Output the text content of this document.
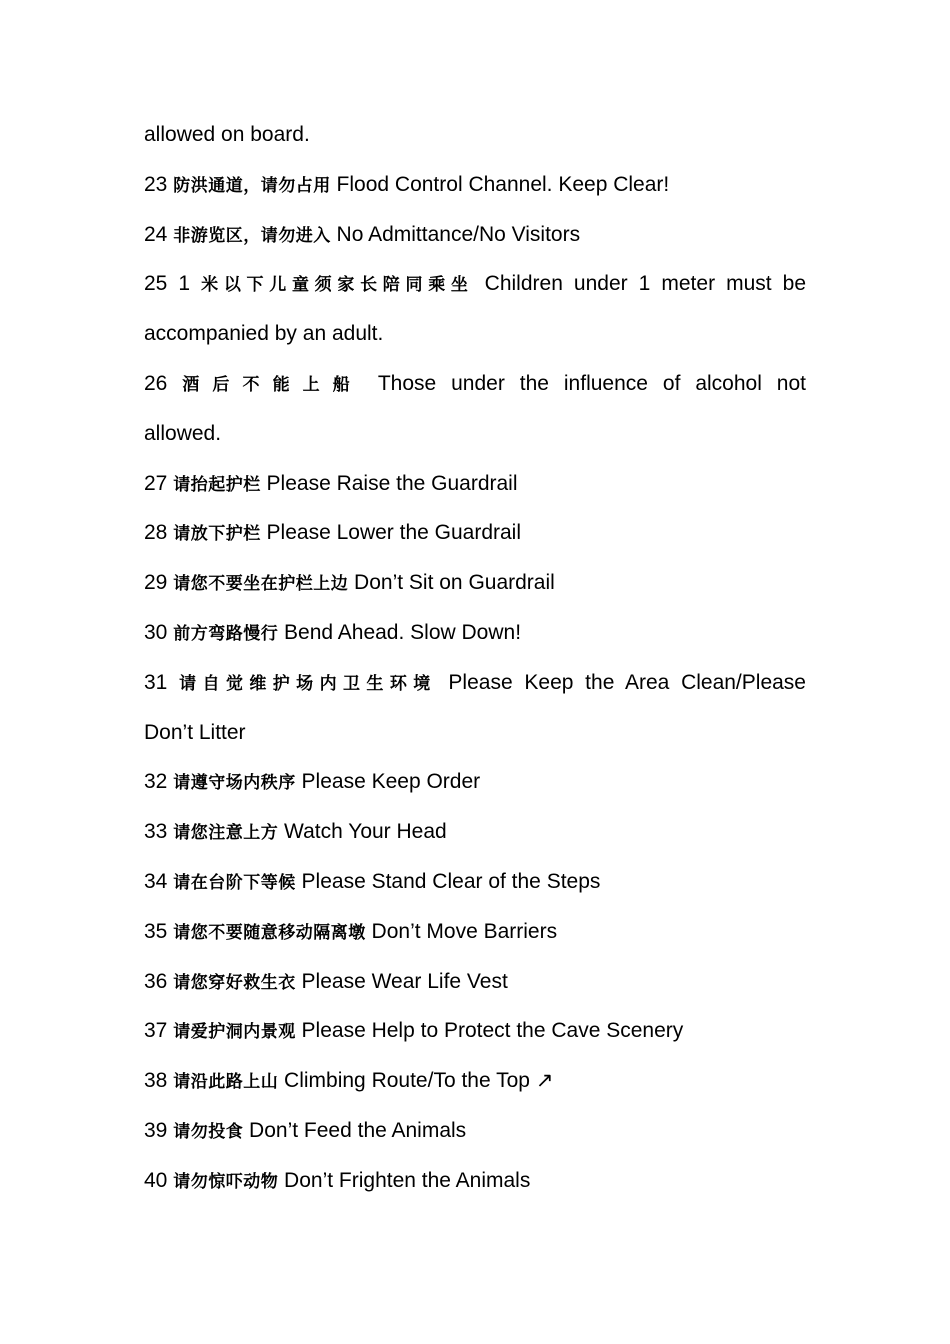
allowed on board.
23 防洪通道，请勿占用 Flood Control Channel. Keep Clear!
24 非游览区，请勿进入 No Admittance/No Visitors
25 1 米以下儿童须家长陪同乘坐 Children under 1 meter must be
accompanied by an adult.
26 酒后不能上船 Those under the influence of alcohol not
allowed.
27 请抬起护栏 Please Raise the Guardrail
28 请放下护栏 Please Lower the Guardrail
29 请您不要坐在护栏上边 Don’t Sit on Guardrail
30 前方弯路慢行 Bend Ahead. Slow Down!
31 请自觉维护场内卫生环境 Please Keep the Area Clean/Please
Don’t Litter
32 请遵守场内秩序 Please Keep Order
33 请您注意上方 Watch Your Head
34 请在台阶下等候 Please Stand Clear of the Steps
35 请您不要随意移动隔离墩 Don’t Move Barriers
36 请您穿好救生衣 Please Wear Life Vest
37 请爱护洞内景观 Please Help to Protect the Cave Scenery
38 请沿此路上山 Climbing Route/To the Top ↗
39 请勿投食 Don’t Feed the Animals
40 请勿惊吓动物 Don’t Frighten the Animals
